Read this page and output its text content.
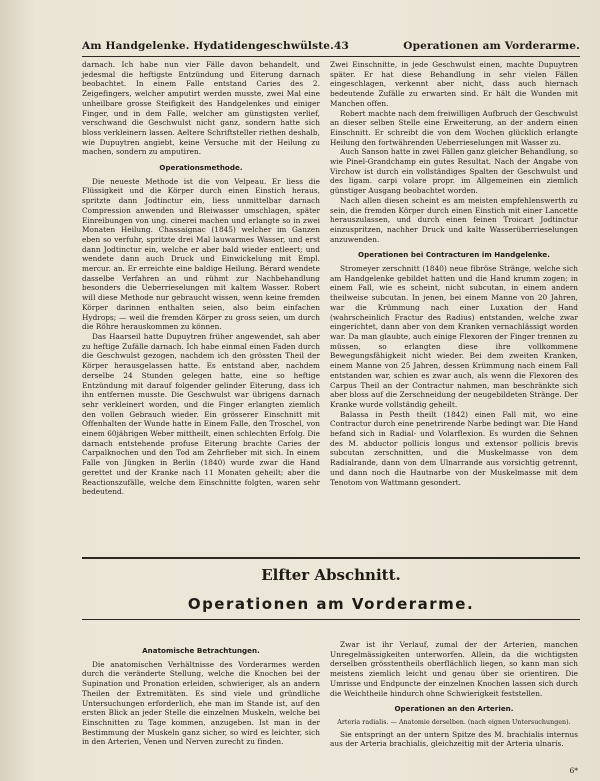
Am Handgelenke. Hydatidengeschwülste. 43	Operationen am Vorderarme.

darnach. Ich habe nun vier Fälle davon behandelt, und jedesmal die heftigste Entzündung und Eiterung darnach beobachtet. In einem Falle entstand Caries des 2. Zeigefingers, welcher amputirt werden musste, zwei Mal eine unheilbare grosse Steifigkeit des Handgelenkes und einiger Finger, und in dem Falle, welcher am günstigsten verlief, verschwand die Geschwulst nicht ganz, sondern hatte sich bloss verkleinern lassen. Aeltere Schriftsteller riethen deshalb, wie Dupuytren angiebt, keine Versuche mit der Heilung zu machen, sondern zu amputiren.

Operationsmethode.

Die neueste Methode ist die von Velpeau. Er liess die Flüssigkeit und die Körper durch einen Einstich heraus, spritzte dann Jodtinctur ein, liess unmittelbar darnach Compression anwenden und Bleiwasser umschlagen, später Einreibungen von ung. cinerei machen und erlangte so in zwei Monaten Heilung. Chassaignac (1845) welcher im Ganzen eben so verfuhr, spritzte drei Mal lauwarmes Wasser, und erst dann Jodtinctur ein, welche er aber bald wieder entleert; und wendete dann auch Druck und Einwickelung mit Empl. mercur. an. Er erreichte eine baldige Heilung. Bérard wendete dasselbe Verfahren an und rühmt zur Nachbehandlung besonders die Ueberrieselungen mit kaltem Wasser. Robert will diese Methode nur gebraucht wissen, wenn keine fremden Körper darinnen enthalten seien, also beim einfachen Hydrops; — weil die fremden Körper zu gross seien, um durch die Röhre herauskommen zu können.

Das Haarseil hatte Dupuytren früher angewendet, sah aber zu heftige Zufälle darnach. Ich habe einmal einen Faden durch die Geschwulst gezogen, nachdem ich den grössten Theil der Körper herausgelassen hatte. Es entstand aber, nachdem derselbe 24 Stunden gelegen hatte, eine so heftige Entzündung mit darauf folgender gelinder Eiterung, dass ich ihn entfernen musste. Die Geschwulst war übrigens darnach sehr verkleinert worden, und die Finger erlangten ziemlich den vollen Gebrauch wieder. Ein grösserer Einschnitt mit Offenhalten der Wunde hatte in Einem Falle, den Troschel, von einem 60jährigen Weber mittheilt, einen schlechten Erfolg. Die darnach entstehende profuse Eiterung brachte Caries der Carpalknochen und den Tod am Zehrfieber mit sich. In einem Falle von Jüngken in Berlin (1840) wurde zwar die Hand gerettet und der Kranke nach 11 Monaten geheilt; aber die Reactionszufälle, welche dem Einschnitte folgten, waren sehr bedeutend.

Zwei Einschnitte, in jede Geschwulst einen, machte Dupuytren später. Er hat diese Behandlung in sehr vielen Fällen eingeschlagen, verkennt aber nicht, dass auch hiernach bedeutende Zufälle zu erwarten sind. Er hält die Wunden mit Manchen offen.

Robert machte nach dem freiwilligen Aufbruch der Geschwulst an dieser selben Stelle eine Erweiterung, an der andern einen Einschnitt. Er schreibt die von dem Wochen glücklich erlangte Heilung den fortwährenden Ueberrieselungen mit Wasser zu.

Auch Sanson hatte in zwei Fällen ganz gleicher Behandlung, so wie Pinel-Grandchamp ein gutes Resultat. Nach der Angabe von Virchow ist durch ein vollständiges Spalten der Geschwulst und des ligam. carpi volare propr. im Allgemeinen ein ziemlich günstiger Ausgang beobachtet worden.

Nach allen diesen scheint es am meisten empfehlenswerth zu sein, die fremden Körper durch einen Einstich mit einer Lancette herauszulassen, und durch einen feinen Troicart Jodtinctur einzuspritzen, nachher Druck und kalte Wasserüberrieselungen anzuwenden.

Operationen bei Contracturen im Handgelenke.

Stromeyer zerschnitt (1840) neue fibröse Stränge, welche sich am Handgelenke gebildet hatten und die Hand krumm zogen; in einem Fall, wie es scheint, nicht subcutan, in einem andern theilweise subcutan. In jenen, bei einem Manne von 20 Jahren, war die Krümmung nach einer Luxation der Hand (wahrscheinlich Fractur des Radius) entstanden, welche zwar eingerichtet, dann aber von dem Kranken vernachlässigt worden war. Da man glaubte, auch einige Flexoren der Finger trennen zu müssen, so erlangten diese ihre vollkommene Bewegungsfähigkeit nicht wieder. Bei dem zweiten Kranken, einem Manne von 25 Jahren, dessen Krümmung nach einem Fall entstanden war, schien es zwar auch, als wenn die Flexoren des Carpus Theil an der Contractur nahmen, man beschränkte sich aber bloss auf die Zerschneidung der neugebildeten Stränge. Der Kranke wurde vollständig geheilt.

Balassa in Pesth theilt (1842) einen Fall mit, wo eine Contractur durch eine penetrirende Narbe bedingt war. Die Hand befand sich in Radial- und Volarflexion. Es wurden die Sehnen des M. abductor pollicis longus und extensor pollicis brevis subcutan zerschnitten, und die Muskelmasse von dem Radialrande, dann von dem Ulnarrande aus vorsichtig getrennt, und dann noch die Hautnarbe von der Muskelmasse mit dem Tenotom von Wattmann gesondert.

Elfter Abschnitt.
Operationen am Vorderarme.
Anatomische Betrachtungen.

Die anatomischen Verhältnisse des Vorderarmes werden durch die veränderte Stellung, welche die Knochen bei der Supination und Pronation erleiden, schwieriger, als an andern Theilen der Extremitäten. Es sind viele und gründliche Untersuchungen erforderlich, ehe man im Stande ist, auf den ersten Blick an jeder Stelle die einzelnen Muskeln, welche bei Einschnitten zu Tage kommen, anzugeben. Ist man in der Bestimmung der Muskeln ganz sicher, so wird es leichter, sich in den Arterien, Venen und Nerven zurecht zu finden.

Zwar ist ihr Verlauf, zumal der der Arterien, manchen Unregelmässigkeiten unterworfen. Allein, da die wichtigsten derselben grösstentheils oberflächlich liegen, so kann man sich meistens ziemlich leicht und genau über sie orientiren. Die Umrisse und Endpuncte der einzelnen Knochen lassen sich durch die Weichtheile hindurch ohne Schwierigkeit feststellen.

Operationen an den Arterien.
Arteria radialis. — Anatomie derselben. (nach eignen Untersuchungen).

Sie entspringt an der untern Spitze des M. brachialis internus aus der Arteria brachialis, gleichzeitig mit der Arteria ulnaris.

6*
